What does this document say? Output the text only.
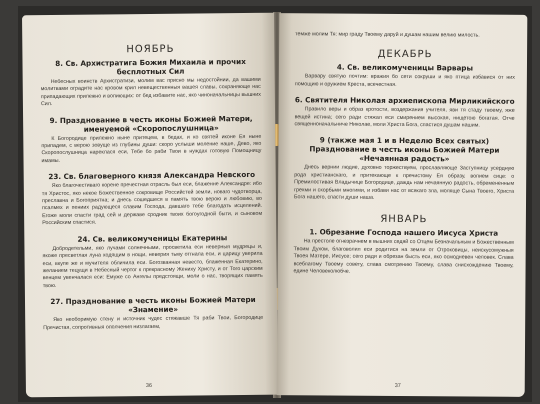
НОЯБРЬ
8. Св. Архистратига Божия Михаила и прочих бесплотных Сил

Небесных воинств Архистратизи, молим вас присно мы недостойнии, да вашими молитвами оградите нас кровом крил невещественныя вашея славы, сохраняюще нас припадающих прилежно и вопиющих: от бед избавите нас, яко чиноначальницы вышних Сил.

9. Празднование в честь иконы Божией Матери, именуемой «Скоропослушница»

К Богородице прилежно ныне притецем, в бедах, и ко святей иконе Ея ныне припадем, с верою зовуще из глубины души: скоро услыши моление наше, Дево, яко Скоропослушница нареклася еси, Тебе бо раби Твои в нуждах готовую Помощницу имамы.

23. Св. благоверного князя Александра Невского

Яко благочестиваго корене пречестная отрасль был еси, блаженне Александре: ибо тя Христос, яко некое Божественное сокровище Российстей земли, новаго чудотворца, преславна и Богоприятна; и днесь сошедшеся в память твою верою и любовию, во псалмех и пениих радующеся славим Господа, давшаго тебе благодать исцелений. Егоже моли спасти град сей и державе сродник твоих богоугодной быти, и сыновом Российским спастися.

24. Св. великомученицы Екатерины

Добродетельми, яко лучами солнечными, просветила еси неверныя мудрецы и, якоже пресветлая луна ходящим в нощи, неверия тьму отгнала еси, и царицу уверила еси, вкупе же и мучителя обличила еси. Богозванная невесто, блаженная Екатерино, желанием тецущи в Небесный чертог к прекрасному Жениху Христу, и от Того царским венцем увенчалася еси: Емуже со Ангелы предстоящи, моли о нас, творящих память твою.

27. Празднование в честь иконы Божией Матери «Знамение»

Яко необоримую стену и источник чудес стяжавше Тя раби Твои, Богородице Пречистая, сопротивныя ополчения низлагаем,

36

темже молим Тя: мир граду Твоему даруй и душам нашим велию милость.

ДЕКАБРЬ
4. Св. великомученицы Варвары

Варвару святую почтим: вражия бо сети сокруши и яко птица избавися от них помощию и оружием Креста, всечестная.

6. Святителя Николая архиепископа Мирликийского

Правило веры и образ кротости, воздержания учителя, яви тя стаду твоему, яже вещей истина; сего ради стяжал еси смирением высокая, нищетою богатая. Отче священноначальниче Николае, моли Христа Бога, спастися душам нашим.

9 (также мая 1 и в Неделю Всех святых) Празднование в честь иконы Божией Матери «Нечаянная радость»

Днесь вернии людие, духовно торжествуем, прославляюще Заступницу усердную рода христианскаго, и притекающе к пречистому Ея образу, вопием сице: о Премилостивая Владычице Богородице, даждь нам нечаянную радость, обремененным грехми и скорбьми многими, и избави нас от всякаго зла, моляще Сына Твоего, Христа Бога нашего, спасти души наша.

ЯНВАРЬ
1. Обрезание Господа нашего Иисуса Христа

На престоле огнезрачнем в вышних седяй со Отцем Безначальным и Божественным Твоим Духом, благоволил еси родитися на земли от Отроковицы, неискусомужныя Твоея Матере, Иисусе; сего ради и обрезан бысть еси, яко осмодневен человек. Слава всеблагому Твоему совету, слава смотрению Твоему, слава снисхождению Твоему, едине Человеколюбче.

37
